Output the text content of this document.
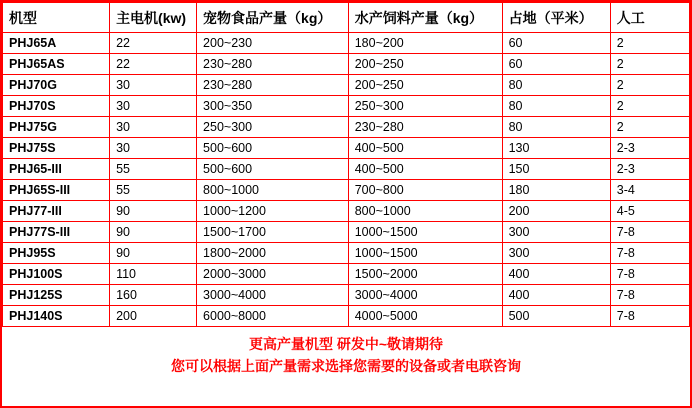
机型	主电机(kw)	宠物食品产量（kg）	水产饲料产量（kg）	占地（平米）	人工
PHJ65A	22	200~230	180~200	60	2
PHJ65AS	22	230~280	200~250	60	2
PHJ70G	30	230~280	200~250	80	2
PHJ70S	30	300~350	250~300	80	2
PHJ75G	30	250~300	230~280	80	2
PHJ75S	30	500~600	400~500	130	2-3
PHJ65-III	55	500~600	400~500	150	2-3
PHJ65S-III	55	800~1000	700~800	180	3-4
PHJ77-III	90	1000~1200	800~1000	200	4-5
PHJ77S-III	90	1500~1700	1000~1500	300	7-8
PHJ95S	90	1800~2000	1000~1500	300	7-8
PHJ100S	110	2000~3000	1500~2000	400	7-8
PHJ125S	160	3000~4000	3000~4000	400	7-8
PHJ140S	200	6000~8000	4000~5000	500	7-8
更高产量机型 研发中~敬请期待
您可以根据上面产量需求选择您需要的设备或者电联咨询
